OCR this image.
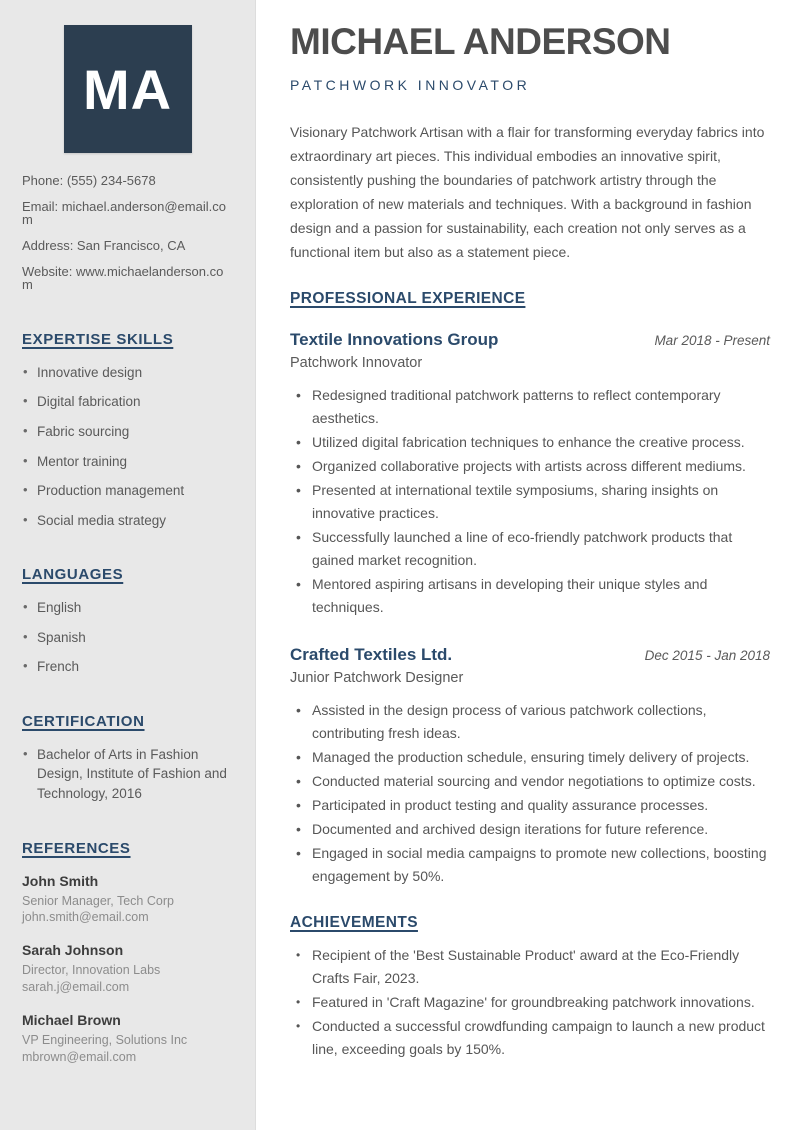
MA
Phone: (555) 234-5678
Email: michael.anderson@email.com
Address: San Francisco, CA
Website: www.michaelanderson.com
EXPERTISE SKILLS
• Innovative design
• Digital fabrication
• Fabric sourcing
• Mentor training
• Production management
• Social media strategy
LANGUAGES
• English
• Spanish
• French
CERTIFICATION
• Bachelor of Arts in Fashion Design, Institute of Fashion and Technology, 2016
REFERENCES
John Smith
Senior Manager, Tech Corp
john.smith@email.com
Sarah Johnson
Director, Innovation Labs
sarah.j@email.com
Michael Brown
VP Engineering, Solutions Inc
mbrown@email.com
MICHAEL ANDERSON
PATCHWORK INNOVATOR

Visionary Patchwork Artisan with a flair for transforming everyday fabrics into extraordinary art pieces. This individual embodies an innovative spirit, consistently pushing the boundaries of patchwork artistry through the exploration of new materials and techniques. With a background in fashion design and a passion for sustainability, each creation not only serves as a functional item but also as a statement piece.

PROFESSIONAL EXPERIENCE
Textile Innovations Group	Mar 2018 - Present
Patchwork Innovator
• Redesigned traditional patchwork patterns to reflect contemporary aesthetics.
• Utilized digital fabrication techniques to enhance the creative process.
• Organized collaborative projects with artists across different mediums.
• Presented at international textile symposiums, sharing insights on innovative practices.
• Successfully launched a line of eco-friendly patchwork products that gained market recognition.
• Mentored aspiring artisans in developing their unique styles and techniques.
Crafted Textiles Ltd.	Dec 2015 - Jan 2018
Junior Patchwork Designer
• Assisted in the design process of various patchwork collections, contributing fresh ideas.
• Managed the production schedule, ensuring timely delivery of projects.
• Conducted material sourcing and vendor negotiations to optimize costs.
• Participated in product testing and quality assurance processes.
• Documented and archived design iterations for future reference.
• Engaged in social media campaigns to promote new collections, boosting engagement by 50%.
ACHIEVEMENTS
• Recipient of the 'Best Sustainable Product' award at the Eco-Friendly Crafts Fair, 2023.
• Featured in 'Craft Magazine' for groundbreaking patchwork innovations.
• Conducted a successful crowdfunding campaign to launch a new product line, exceeding goals by 150%.
